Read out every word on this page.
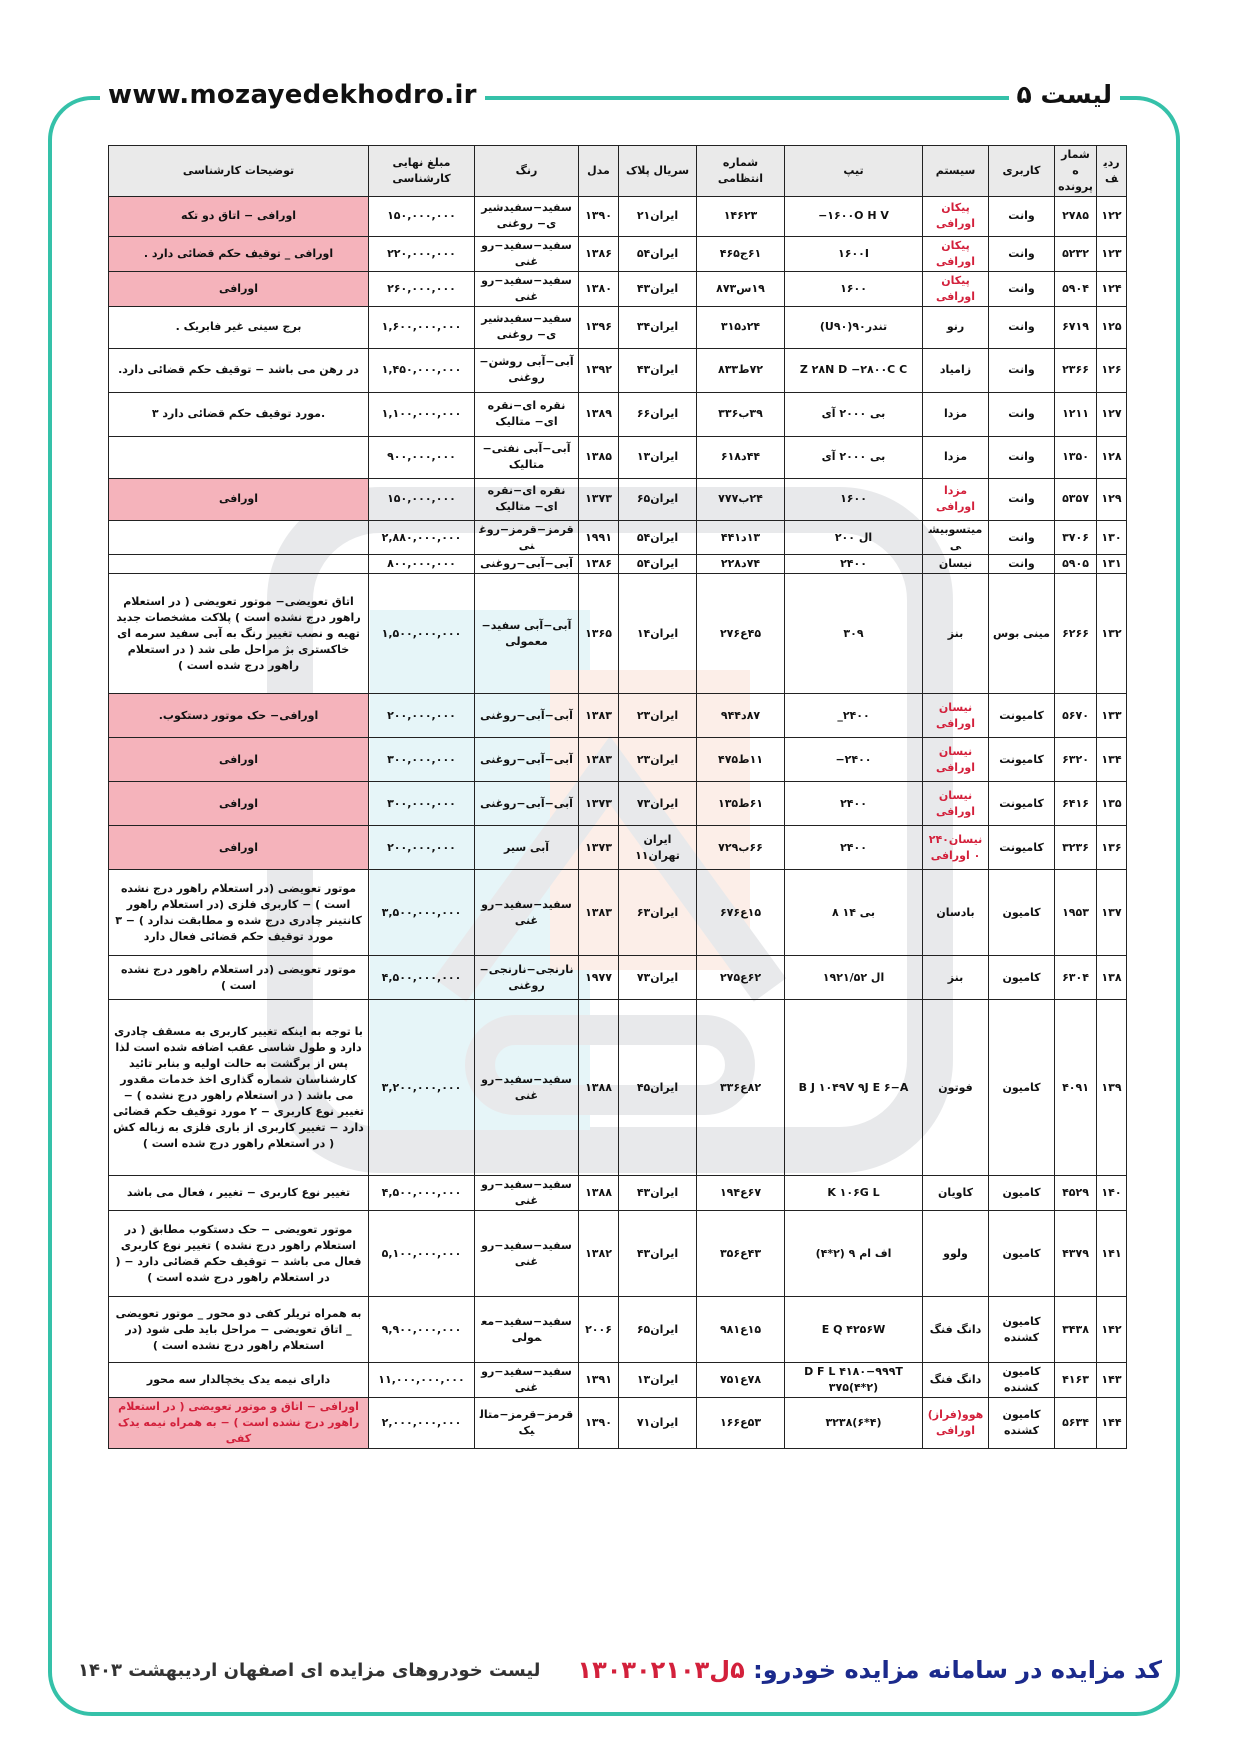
www.mozayedekhodro.ir	لیست ۵
ردیف	شماره پرونده	کاربری	سیستم	تیپ	شماره انتظامی	سریال پلاک	مدل	رنگ	مبلغ نهایی کارشناسی	توضیحات کارشناسی
۱۲۲	۲۷۸۵	وانت	پیکان اورافی	−۱۶۰۰O H V	۱۴۶۲۳	ایران۲۱	۱۳۹۰	سفید−سفیدشیری− روغنی	۱۵۰,۰۰۰,۰۰۰	اورافی − اتاق دو تکه
۱۲۳	۵۲۳۲	وانت	پیکان اورافی	۱۶۰۰I	۶۱ج۴۶۵	ایران۵۴	۱۳۸۶	سفید−سفید−روغنی	۲۲۰,۰۰۰,۰۰۰	اورافی _ توقیف حکم قضائی دارد .
۱۲۴	۵۹۰۴	وانت	پیکان اورافی	۱۶۰۰	۱۹س۸۷۳	ایران۴۳	۱۳۸۰	سفید−سفید−روغنی	۲۶۰,۰۰۰,۰۰۰	اورافی
۱۲۵	۶۷۱۹	وانت	رنو	(U۹۰)تندر۹۰	۲۴د۳۱۵	ایران۳۴	۱۳۹۶	سفید−سفیدشیری− روغنی	۱,۶۰۰,۰۰۰,۰۰۰	برج سینی غیر فابریک .
۱۲۶	۲۳۶۶	وانت	زامیاد	Z ۲۸N D −۲۸۰۰C C	۷۲ط۸۳۳	ایران۴۳	۱۳۹۲	آبی−آبی روشن− روغنی	۱,۴۵۰,۰۰۰,۰۰۰	در رهن می باشد − توقیف حکم قضائی دارد.
۱۲۷	۱۲۱۱	وانت	مزدا	بی ۲۰۰۰ آی	۳۹ب۳۳۶	ایران۶۶	۱۳۸۹	نقره ای−نقره ای− متالیک	۱,۱۰۰,۰۰۰,۰۰۰	.مورد توقیف حکم قضائی دارد ۳
۱۲۸	۱۳۵۰	وانت	مزدا	بی ۲۰۰۰ آی	۴۴د۶۱۸	ایران۱۳	۱۳۸۵	آبی−آبی نفتی− متالیک	۹۰۰,۰۰۰,۰۰۰	
۱۲۹	۵۳۵۷	وانت	مزدا اورافی	۱۶۰۰	۲۴ب۷۷۷	ایران۶۵	۱۳۷۳	نقره ای−نقره ای− متالیک	۱۵۰,۰۰۰,۰۰۰	اورافی
۱۳۰	۳۷۰۶	وانت	میتسوبیشی	ال ۲۰۰	۱۳د۴۴۱	ایران۵۴	۱۹۹۱	قرمز−قرمز−روغنی	۲,۸۸۰,۰۰۰,۰۰۰	
۱۳۱	۵۹۰۵	وانت	نیسان	۲۴۰۰	۷۴د۲۲۸	ایران۵۴	۱۳۸۶	آبی−آبی−روغنی	۸۰۰,۰۰۰,۰۰۰	
۱۳۲	۶۲۶۶	مینی بوس	بنز	۳۰۹	۴۵ع۲۷۶	ایران۱۴	۱۳۶۵	آبی−آبی سفید− معمولی	۱,۵۰۰,۰۰۰,۰۰۰	اتاق تعویضی− موتور تعویضی ( در استعلام راهور درج نشده است ) پلاکت مشخصات جدید تهیه و نصب تغییر رنگ به آبی سفید سرمه ای خاکستری بژ مراحل طی شد ( در استعلام راهور درج شده است )
۱۳۳	۵۶۷۰	کامیونت	نیسان اورافی	_۲۴۰۰	۸۷د۹۴۴	ایران۲۳	۱۳۸۳	آبی−آبی−روغنی	۲۰۰,۰۰۰,۰۰۰	اورافی− حک موتور دستکوب.
۱۳۴	۶۳۲۰	کامیونت	نیسان اورافی	−۲۴۰۰	۱۱ط۴۷۵	ایران۲۳	۱۳۸۳	آبی−آبی−روغنی	۳۰۰,۰۰۰,۰۰۰	اورافی
۱۳۵	۶۴۱۶	کامیونت	نیسان اورافی	۲۴۰۰	۶۱ط۱۳۵	ایران۷۳	۱۳۷۳	آبی−آبی−روغنی	۳۰۰,۰۰۰,۰۰۰	اورافی
۱۳۶	۳۲۳۶	کامیونت	نیسان۲۴۰۰ اورافی	۲۴۰۰	۶۶ب۷۲۹	ایران تهران۱۱	۱۳۷۳	آبی سیر	۲۰۰,۰۰۰,۰۰۰	اورافی
۱۳۷	۱۹۵۳	کامیون	بادسان	۸ بی ۱۴	۱۵ع۶۷۶	ایران۶۳	۱۳۸۳	سفید−سفید−روغنی	۳,۵۰۰,۰۰۰,۰۰۰	موتور تعویضی (در استعلام راهور درج نشده است ) − کاربری فلزی (در استعلام راهور کانتینر چادری درج شده و مطابقت ندارد ) − ۳ مورد توقیف حکم قضائی فعال دارد
۱۳۸	۶۳۰۴	کامیون	بنز	ال ۱۹۲۱/۵۲	۶۲ع۲۷۵	ایران۷۳	۱۹۷۷	نارنجی−نارنجی− روغنی	۴,۵۰۰,۰۰۰,۰۰۰	موتور تعویضی (در استعلام راهور درج نشده است )
۱۳۹	۴۰۹۱	کامیون	فوتون	B J ۱۰۴۹V ۹J E ۶−A	۸۲ع۳۳۶	ایران۴۵	۱۳۸۸	سفید−سفید−روغنی	۳,۲۰۰,۰۰۰,۰۰۰	با توجه به اینکه تغییر کاربری به مسقف چادری دارد و طول شاسی عقب اضافه شده است لذا پس از برگشت به حالت اولیه و بنابر تائید کارشناسان شماره گذاری اخذ خدمات مقدور می باشد ( در استعلام راهور درج نشده ) − تغییر نوع کاربری − ۲ مورد توقیف حکم قضائی دارد − تغییر کاربری از باری فلزی به زباله کش ( در استعلام راهور درج شده است )
۱۴۰	۴۵۲۹	کامیون	کاویان	K ۱۰۶G L	۶۷ع۱۹۴	ایران۴۳	۱۳۸۸	سفید−سفید−روغنی	۴,۵۰۰,۰۰۰,۰۰۰	تغییر نوع کاربری − تغییر ، فعال می باشد
۱۴۱	۴۳۷۹	کامیون	ولوو	اف ام ۹ (۲*۴)	۴۳ع۳۵۶	ایران۴۳	۱۳۸۲	سفید−سفید−روغنی	۵,۱۰۰,۰۰۰,۰۰۰	موتور تعویضی − حک دستکوب مطابق ( در استعلام راهور درج نشده ) تغییر نوع کاربری فعال می باشد − توقیف حکم قضائی دارد − ( در استعلام راهور درج شده است )
۱۴۲	۳۴۳۸	کامیون کشنده	دانگ فنگ	E Q ۴۲۵۶W	۱۵ع۹۸۱	ایران۶۵	۲۰۰۶	سفید−سفید−معمولی	۹,۹۰۰,۰۰۰,۰۰۰	به همراه تریلر کفی دو محور _ موتور تعویضی _ اتاق تعویضی − مراحل باید طی شود (در استعلام راهور درج نشده است )
۱۴۳	۴۱۶۳	کامیون کشنده	دانگ فنگ	D F L ۴۱۸۰−۹۹۹T ۳۷۵(۴*۲)	۷۸ع۷۵۱	ایران۱۳	۱۳۹۱	سفید−سفید−روغنی	۱۱,۰۰۰,۰۰۰,۰۰۰	دارای نیمه یدک یخچالدار سه محور
۱۴۴	۵۶۳۴	کامیون کشنده	هوو(فراز) اورافی	۳۲۳۸(۶*۴)	۵۳ع۱۶۶	ایران۷۱	۱۳۹۰	قرمز−قرمز−متالیک	۲,۰۰۰,۰۰۰,۰۰۰	اورافی − اتاق و موتور تعویضی ( در استعلام راهور درج نشده است ) − به همراه نیمه یدک کفی
کد مزایده در سامانه مزایده خودرو: ۵ل۱۳۰۳۰۲۱۰۳
لیست خودروهای مزایده ای اصفهان اردیبهشت ۱۴۰۳
